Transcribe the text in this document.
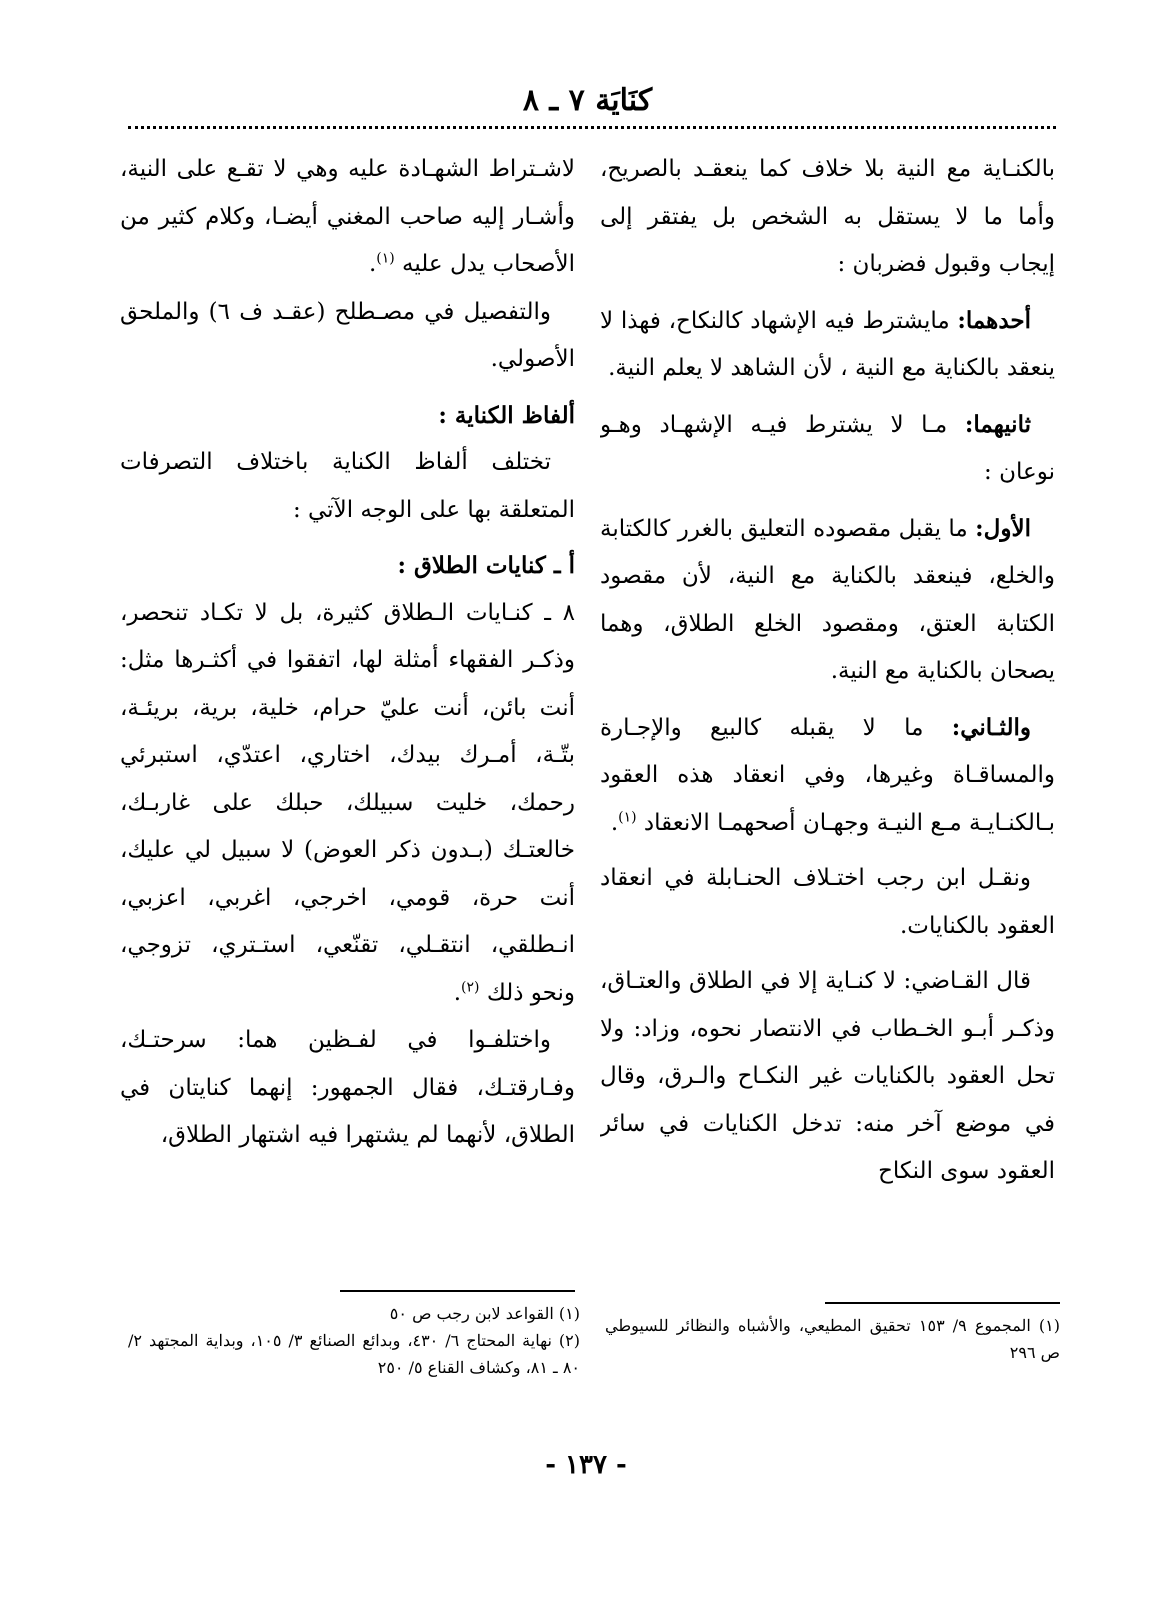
كنَايَة ٧ ـ ٨

بالكنـاية مع النية بلا خلاف كما ينعقـد بالصريح، وأما ما لا يستقل به الشخص بل يفتقر إلى إيجاب وقبول فضربان :

أحدهما: مايشترط فيه الإشهاد كالنكاح، فهذا لا ينعقد بالكناية مع النية ، لأن الشاهد لا يعلم النية.

ثانيهما: مـا لا يشترط فيـه الإشهـاد وهـو نوعان :

الأول: ما يقبل مقصوده التعليق بالغرر كالكتابة والخلع، فينعقد بالكناية مع النية، لأن مقصود الكتابة العتق، ومقصود الخلع الطلاق، وهما يصحان بالكناية مع النية.

والثـاني: ما لا يقبله كالبيع والإجـارة والمساقـاة وغيرها، وفي انعقاد هذه العقود بـالكنـايـة مـع النيـة وجهـان أصحهمـا الانعقاد $^{(١)}$.

ونقـل ابن رجب اختـلاف الحنـابلة في انعقاد العقود بالكنايات.

قال القـاضي: لا كنـاية إلا في الطلاق والعتـاق، وذكـر أبـو الخـطاب في الانتصار نحوه، وزاد: ولا تحل العقود بالكنايات غير النكـاح والـرق، وقال في موضع آخر منه: تدخل الكنايات في سائر العقود سوى النكاح

لاشـتراط الشهـادة عليه وهي لا تقـع على النية، وأشـار إليه صاحب المغني أيضـا، وكلام كثير من الأصحاب يدل عليه $^{(١)}$.

والتفصيل في مصـطلح (عقـد ف ٦) والملحق الأصولي.

ألفاظ الكناية :

تختلف ألفاظ الكناية باختلاف التصرفات المتعلقة بها على الوجه الآتي :

أ ـ كنايات الطلاق :

٨ ـ كنـايات الـطلاق كثيرة، بل لا تكـاد تنحصر، وذكـر الفقهاء أمثلة لها، اتفقوا في أكثـرها مثل: أنت بائن، أنت عليّ حرام، خلية، برية، بريئـة، بتّـة، أمـرك بيدك، اختاري، اعتدّي، استبرئي رحمك، خليت سبيلك، حبلك على غاربـك، خالعتـك (بـدون ذكر العوض) لا سبيل لي عليك، أنت حرة، قومي، اخرجي، اغربي، اعزبي، انـطلقي، انتقـلي، تقنّعي، استـتري، تزوجي، ونحو ذلك $^{(٢)}$.

واختلفـوا في لفـظين هما: سرحتـك، وفـارقتـك، فقال الجمهور: إنهما كنايتان في الطلاق، لأنهما لم يشتهرا فيه اشتهار الطلاق،

(١) المجموع ٩/ ١٥٣ تحقيق المطيعي، والأشباه والنظائر للسيوطي ص ٢٩٦

(١) القواعد لابن رجب ص ٥٠

(٢) نهاية المحتاج ٦/ ٤٣٠، وبدائع الصنائع ٣/ ١٠٥، وبداية المجتهد ٢/ ٨٠ ـ ٨١، وكشاف القناع ٥/ ٢٥٠

- ١٣٧ -
